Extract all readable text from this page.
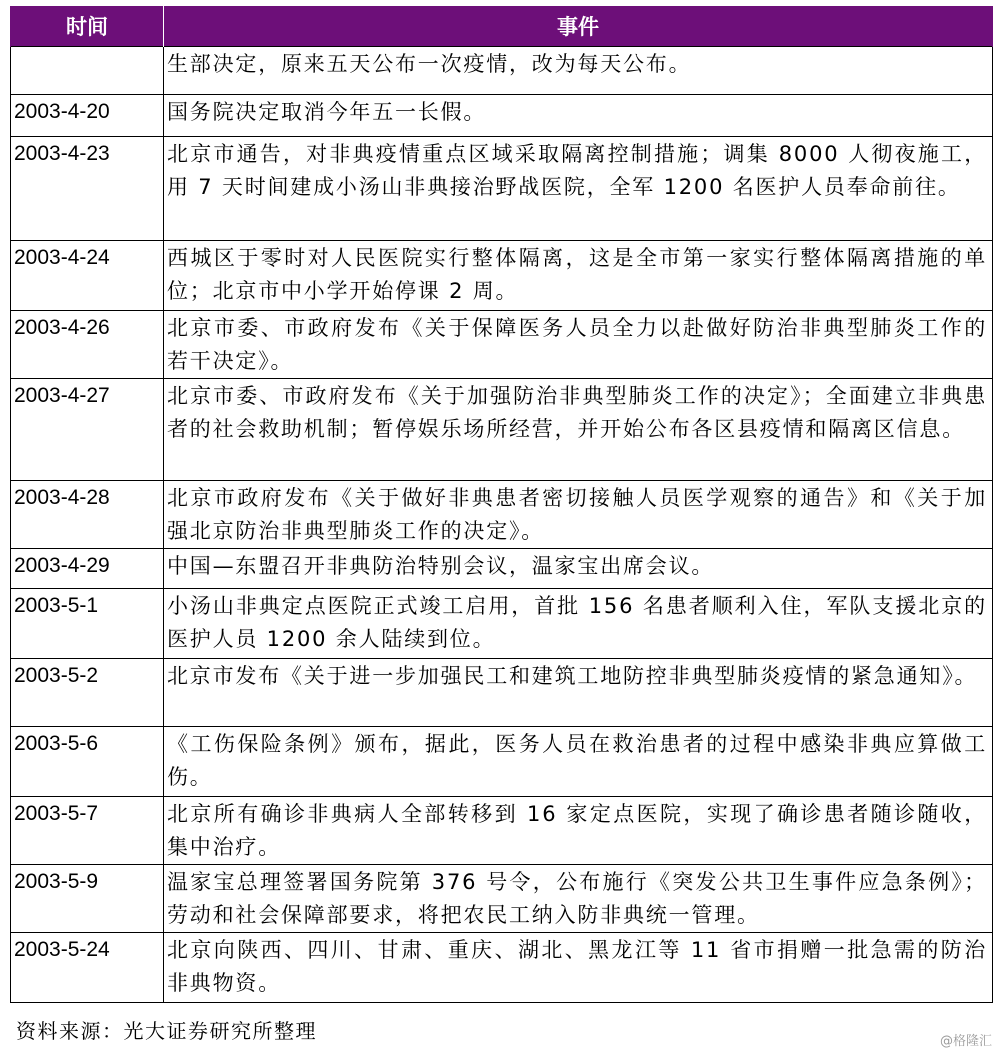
时间	事件
	生部决定，原来五天公布一次疫情，改为每天公布。
2003-4-20	国务院决定取消今年五一长假。
2003-4-23	北京市通告，对非典疫情重点区域采取隔离控制措施；调集 8000 人彻夜施工，用 7 天时间建成小汤山非典接治野战医院，全军 1200 名医护人员奉命前往。
2003-4-24	西城区于零时对人民医院实行整体隔离，这是全市第一家实行整体隔离措施的单位；北京市中小学开始停课 2 周。
2003-4-26	北京市委、市政府发布《关于保障医务人员全力以赴做好防治非典型肺炎工作的若干决定》。
2003-4-27	北京市委、市政府发布《关于加强防治非典型肺炎工作的决定》；全面建立非典患者的社会救助机制；暂停娱乐场所经营，并开始公布各区县疫情和隔离区信息。
2003-4-28	北京市政府发布《关于做好非典患者密切接触人员医学观察的通告》和《关于加强北京防治非典型肺炎工作的决定》。
2003-4-29	中国—东盟召开非典防治特别会议，温家宝出席会议。
2003-5-1	小汤山非典定点医院正式竣工启用，首批 156 名患者顺利入住，军队支援北京的医护人员 1200 余人陆续到位。
2003-5-2	北京市发布《关于进一步加强民工和建筑工地防控非典型肺炎疫情的紧急通知》。
2003-5-6	《工伤保险条例》颁布，据此，医务人员在救治患者的过程中感染非典应算做工伤。
2003-5-7	北京所有确诊非典病人全部转移到 16 家定点医院，实现了确诊患者随诊随收，集中治疗。
2003-5-9	温家宝总理签署国务院第 376 号令，公布施行《突发公共卫生事件应急条例》；劳动和社会保障部要求，将把农民工纳入防非典统一管理。
2003-5-24	北京向陕西、四川、甘肃、重庆、湖北、黑龙江等 11 省市捐赠一批急需的防治非典物资。
资料来源：光大证券研究所整理	@格隆汇
